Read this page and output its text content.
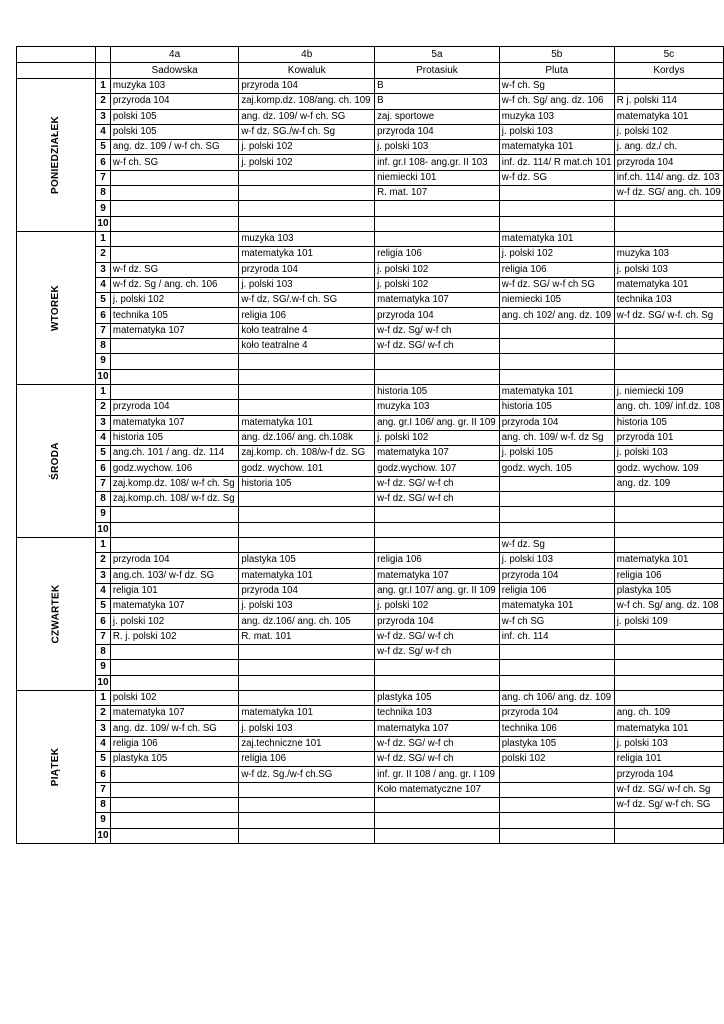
		4a	4b	5a	5b	5c
		Sadowska	Kowaluk	Protasiuk	Pluta	Kordys
PONIEDZIAŁEK	1	muzyka 103	przyroda 104	B	w-f ch. Sg	
	2	przyroda 104	zaj.komp.dz. 108/ang. ch. 109	B	w-f ch. Sg/ ang. dz. 106	R j. polski 114
	3	polski 105	ang. dz. 109/ w-f ch. SG	zaj. sportowe	muzyka 103	matematyka 101
	4	polski 105	w-f dz. SG./w-f ch. Sg	przyroda 104	j. polski 103	j. polski 102
	5	ang. dz. 109 / w-f ch. SG	j. polski 102	j. polski 103	matematyka 101	j. ang. dz./ ch.
	6	w-f ch. SG	j. polski 102	inf. gr.I 108- ang.gr. II 103	inf. dz. 114/ R mat.ch 101	przyroda 104
	7			niemiecki 101	w-f dz. SG	inf.ch. 114/ ang. dz. 103
	8			R. mat. 107		w-f dz. SG/ ang. ch. 109
	9					
	10					
WTOREK	1		muzyka 103		matematyka 101	
	2		matematyka 101	religia 106	j. polski 102	muzyka 103
	3	w-f dz. SG	przyroda 104	j. polski 102	religia 106	j. polski 103
	4	w-f dz. Sg / ang. ch. 106	j. polski 103	j. polski 102	w-f dz. SG/ w-f ch SG	matematyka 101
	5	j. polski 102	w-f dz. SG/.w-f ch. SG	matematyka 107	niemiecki 105	technika 103
	6	technika 105	religia 106	przyroda 104	ang. ch 102/ ang. dz. 109	w-f dz. SG/ w-f. ch. Sg
	7	matematyka 107	koło teatralne 4	w-f dz. Sg/ w-f ch		
	8		koło teatralne 4	w-f dz. SG/ w-f ch		
	9					
	10					
ŚRODA	1			historia 105	matematyka 101	j. niemiecki 109
	2	przyroda 104		muzyka 103	historia 105	ang. ch. 109/ inf.dz. 108
	3	matematyka 107	matematyka 101	ang. gr.I 106/ ang. gr. II 109	przyroda 104	historia 105
	4	historia 105	ang. dz.106/ ang. ch.108k	j. polski 102	ang. ch. 109/ w-f. dz Sg	przyroda 101
	5	ang.ch. 101 / ang. dz. 114	zaj.komp. ch. 108/w-f dz. SG	matematyka 107	j. polski 105	j. polski 103
	6	godz.wychow. 106	godz. wychow. 101	godz.wychow. 107	godz. wych. 105	godz. wychow. 109
	7	zaj.komp.dz. 108/ w-f ch. Sg	historia 105	w-f dz. SG/ w-f ch		ang. dz. 109
	8	zaj.komp.ch. 108/ w-f dz. Sg		w-f dz. SG/ w-f ch		
	9					
	10					
CZWARTEK	1				w-f dz. Sg	
	2	przyroda 104	plastyka 105	religia 106	j. polski 103	matematyka 101
	3	ang.ch. 103/ w-f dz. SG	matematyka 101	matematyka 107	przyroda 104	religia 106
	4	religia 101	przyroda 104	ang. gr.I 107/ ang. gr. II 109	religia 106	plastyka 105
	5	matematyka 107	j. polski 103	j. polski 102	matematyka 101	w-f ch. Sg/ ang. dz. 108
	6	j. polski 102	ang. dz.106/ ang. ch. 105	przyroda 104	w-f ch SG	j. polski 109
	7	R. j. polski 102	R. mat. 101	w-f dz. SG/ w-f ch	inf. ch. 114	
	8			w-f dz. Sg/ w-f ch		
	9					
	10					
PIĄTEK	1	polski 102		plastyka 105	ang. ch 106/ ang. dz. 109	
	2	matematyka 107	matematyka 101	technika 103	przyroda 104	ang. ch. 109
	3	ang. dz. 109/ w-f ch. SG	j. polski 103	matematyka 107	technika 106	matematyka 101
	4	religia 106	zaj.techniczne 101	w-f dz. SG/ w-f ch	plastyka 105	j. polski 103
	5	plastyka 105	religia 106	w-f dz. SG/ w-f ch	polski 102	religia 101
	6		w-f dz. Sg./w-f ch.SG	inf. gr. II 108 / ang. gr. I 109		przyroda 104
	7			Koło matematyczne 107		w-f dz. SG/ w-f ch. Sg
	8					w-f dz. Sg/ w-f ch. SG
	9					
	10					
